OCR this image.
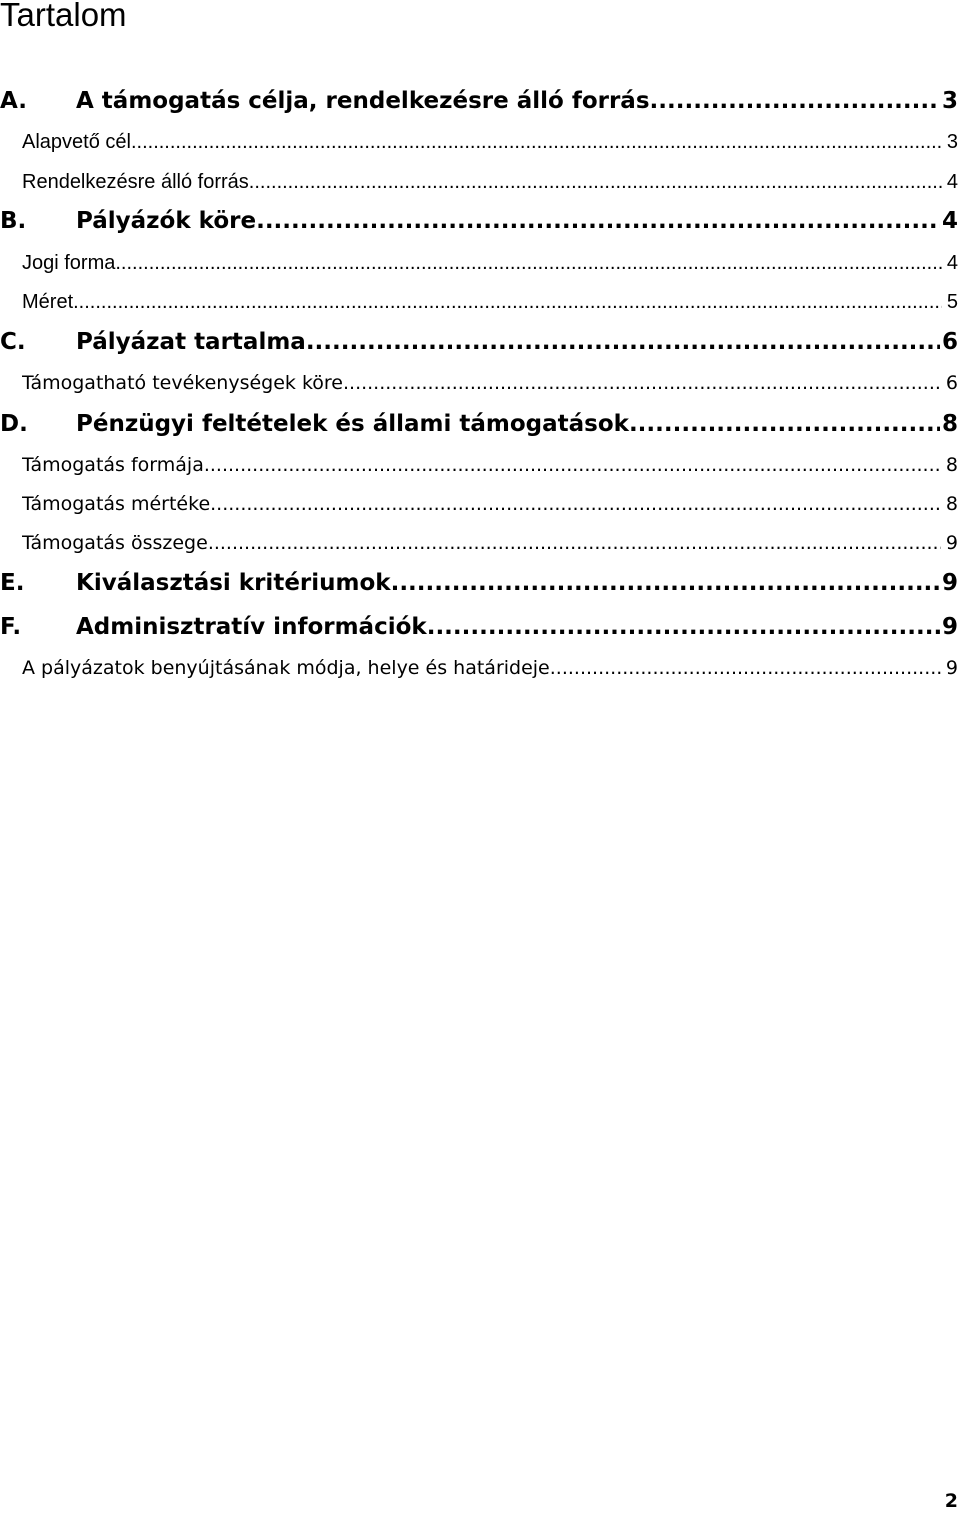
Tartalom
A.	A támogatás célja, rendelkezésre álló forrás .....	3
Alapvető cél .....	3
Rendelkezésre álló forrás .....	4
B.	Pályázók köre .....	4
Jogi forma .....	4
Méret .....	5
C.	Pályázat tartalma .....	6
Támogatható tevékenységek köre .....	6
D.	Pénzügyi feltételek és állami támogatások .....	8
Támogatás formája .....	8
Támogatás mértéke .....	8
Támogatás összege .....	9
E.	Kiválasztási kritériumok .....	9
F.	Adminisztratív információk .....	9
A pályázatok benyújtásának módja, helye és határideje .....	9
2
